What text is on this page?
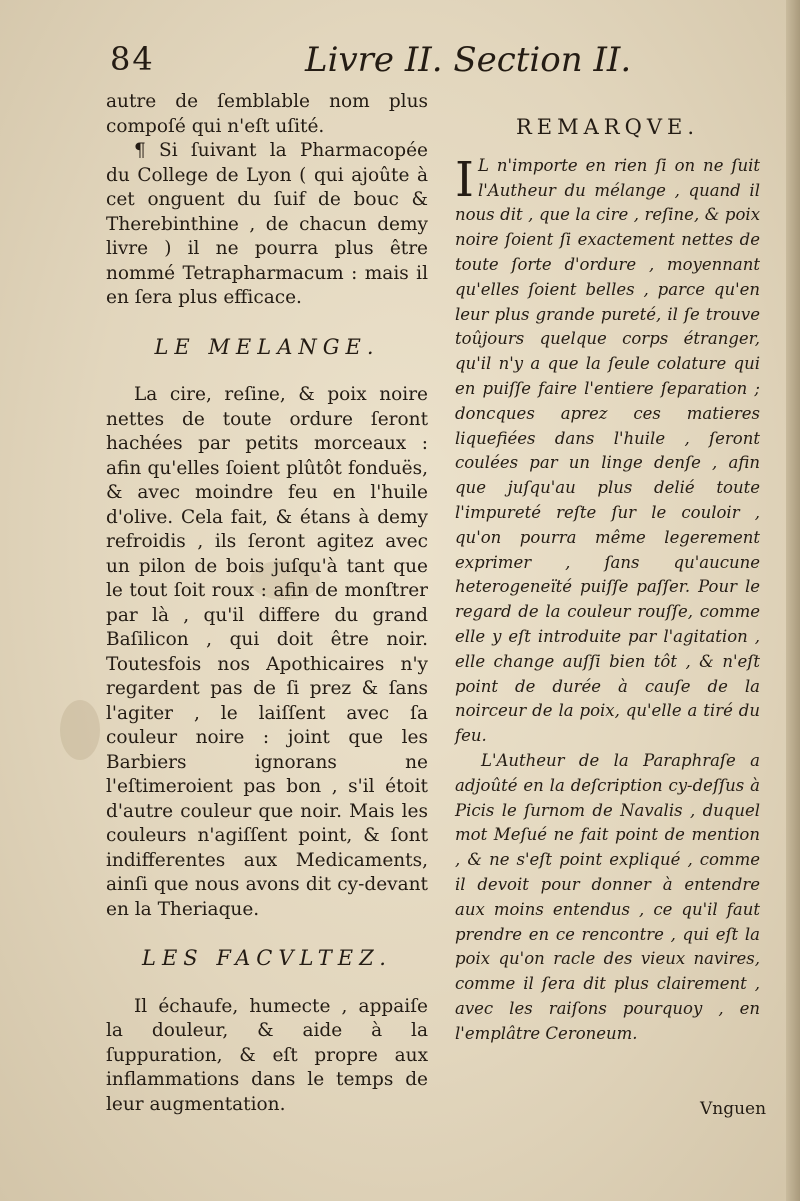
84	Livre II. Section II.

autre de ſemblable nom plus compoſé qui n'eſt uſité.

¶ Si ſuivant la Pharmacopée du College de Lyon ( qui ajoûte à cet onguent du ſuif de bouc & Therebinthine , de chacun demy livre ) il ne pourra plus être nommé Tetrapharmacum : mais il en ſera plus efficace.

LE MELANGE.

La cire, reſine, & poix noire nettes de toute ordure ſeront hachées par petits morceaux : afin qu'elles ſoient plûtôt fonduës, & avec moindre feu en l'huile d'olive. Cela fait, & étans à demy refroidis , ils ſeront agitez avec un pilon de bois juſqu'à tant que le tout ſoit roux : afin de monſtrer par là , qu'il differe du grand Baſilicon , qui doit être noir. Toutesfois nos Apothicaires n'y regardent pas de ſi prez & ſans l'agiter , le laiſſent avec ſa couleur noire : joint que les Barbiers ignorans ne l'eſtimeroient pas bon , s'il étoit d'autre couleur que noir. Mais les couleurs n'agiſſent point, & ſont indifferentes aux Medicaments, ainſi que nous avons dit cy-devant en la Theriaque.

LES FACVLTEZ.

Il échaufe, humecte , appaiſe la douleur, & aide à la ſuppuration, & eſt propre aux inflammations dans le temps de leur augmentation.

REMARQVE.

I L n'importe en rien ſi on ne ſuit l'Autheur du mélange , quand il nous dit , que la cire , reſine, & poix noire ſoient ſi exactement nettes de toute ſorte d'ordure , moyennant qu'elles ſoient belles , parce qu'en leur plus grande pureté, il ſe trouve toûjours quelque corps étranger, qu'il n'y a que la ſeule colature qui en puiſſe faire l'entiere ſeparation ; doncques aprez ces matieres liquefiées dans l'huile , ſeront coulées par un linge denſe , afin que juſqu'au plus delié toute l'impureté reſte ſur le couloir , qu'on pourra même legerement exprimer , ſans qu'aucune heterogeneïté puiſſe paſſer. Pour le regard de la couleur rouſſe, comme elle y eſt introduite par l'agitation , elle change auſſi bien tôt , & n'eſt point de durée à cauſe de la noirceur de la poix, qu'elle a tiré du feu.

L'Autheur de la Paraphraſe a adjoûté en la deſcription cy-deſſus à Picis le ſurnom de Navalis , duquel mot Meſué ne fait point de mention , & ne s'eſt point expliqué , comme il devoit pour donner à entendre aux moins entendus , ce qu'il faut prendre en ce rencontre , qui eſt la poix qu'on racle des vieux navires, comme il ſera dit plus clairement , avec les raiſons pourquoy , en l'emplâtre Ceroneum.

Vnguen
